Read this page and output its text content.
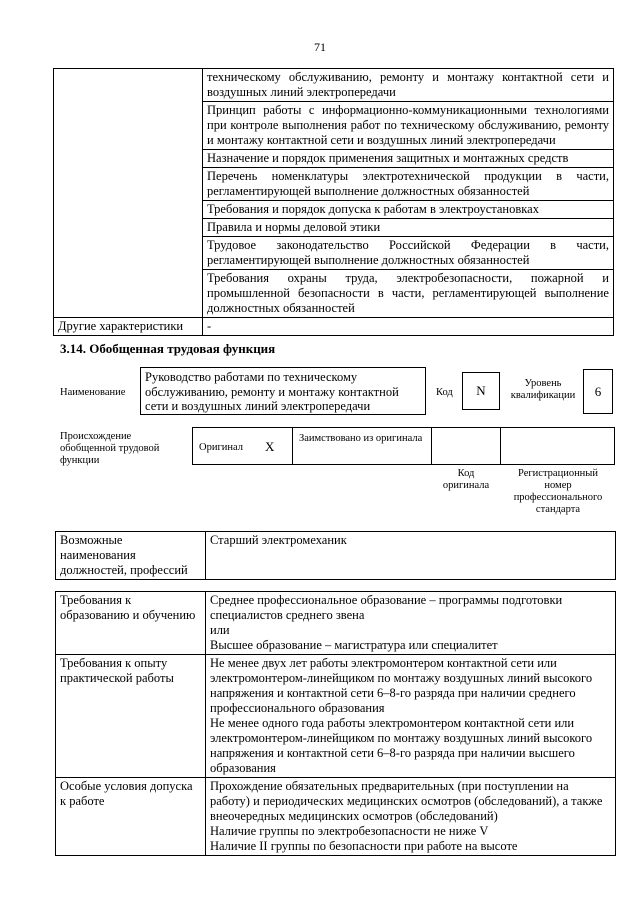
71
	техническому обслуживанию, ремонту и монтажу контактной сети и воздушных линий электропередачи
	Принцип работы с информационно-коммуникационными технологиями при контроле выполнения работ по техническому обслуживанию, ремонту и монтажу контактной сети и воздушных линий электропередачи
	Назначение и порядок применения защитных и монтажных средств
	Перечень номенклатуры электротехнической продукции в части, регламентирующей выполнение должностных обязанностей
	Требования и порядок допуска к работам в электроустановках
	Правила и нормы деловой этики
	Трудовое законодательство Российской Федерации в части, регламентирующей выполнение должностных обязанностей
	Требования охраны труда, электробезопасности, пожарной и промышленной безопасности в части, регламентирующей выполнение должностных обязанностей
Другие характеристики	-
3.14. Обобщенная трудовая функция
Наименование
Руководство работами по техническому обслуживанию, ремонту и монтажу контактной сети и воздушных линий электропередачи
Код	N	Уровень квалификации	6
Происхождение обобщенной трудовой функции
Оригинал X
Заимствовано из оригинала
Код оригинала
Регистрационный номер профессионального стандарта
Возможные наименования должностей, профессий	Старший электромеханик
Требования к образованию и обучению	Среднее профессиональное образование – программы подготовки специалистов среднего звена
или
Высшее образование – магистратура или специалитет

Требования к опыту практической работы	Не менее двух лет работы электромонтером контактной сети или электромонтером-линейщиком по монтажу воздушных линий высокого напряжения и контактной сети 6–8-го разряда при наличии среднего профессионального образования
Не менее одного года работы электромонтером контактной сети или электромонтером-линейщиком по монтажу воздушных линий высокого напряжения и контактной сети 6–8-го разряда при наличии высшего образования

Особые условия допуска к работе	Прохождение обязательных предварительных (при поступлении на работу) и периодических медицинских осмотров (обследований), а также внеочередных медицинских осмотров (обследований)
Наличие группы по электробезопасности не ниже V
Наличие II группы по безопасности при работе на высоте
